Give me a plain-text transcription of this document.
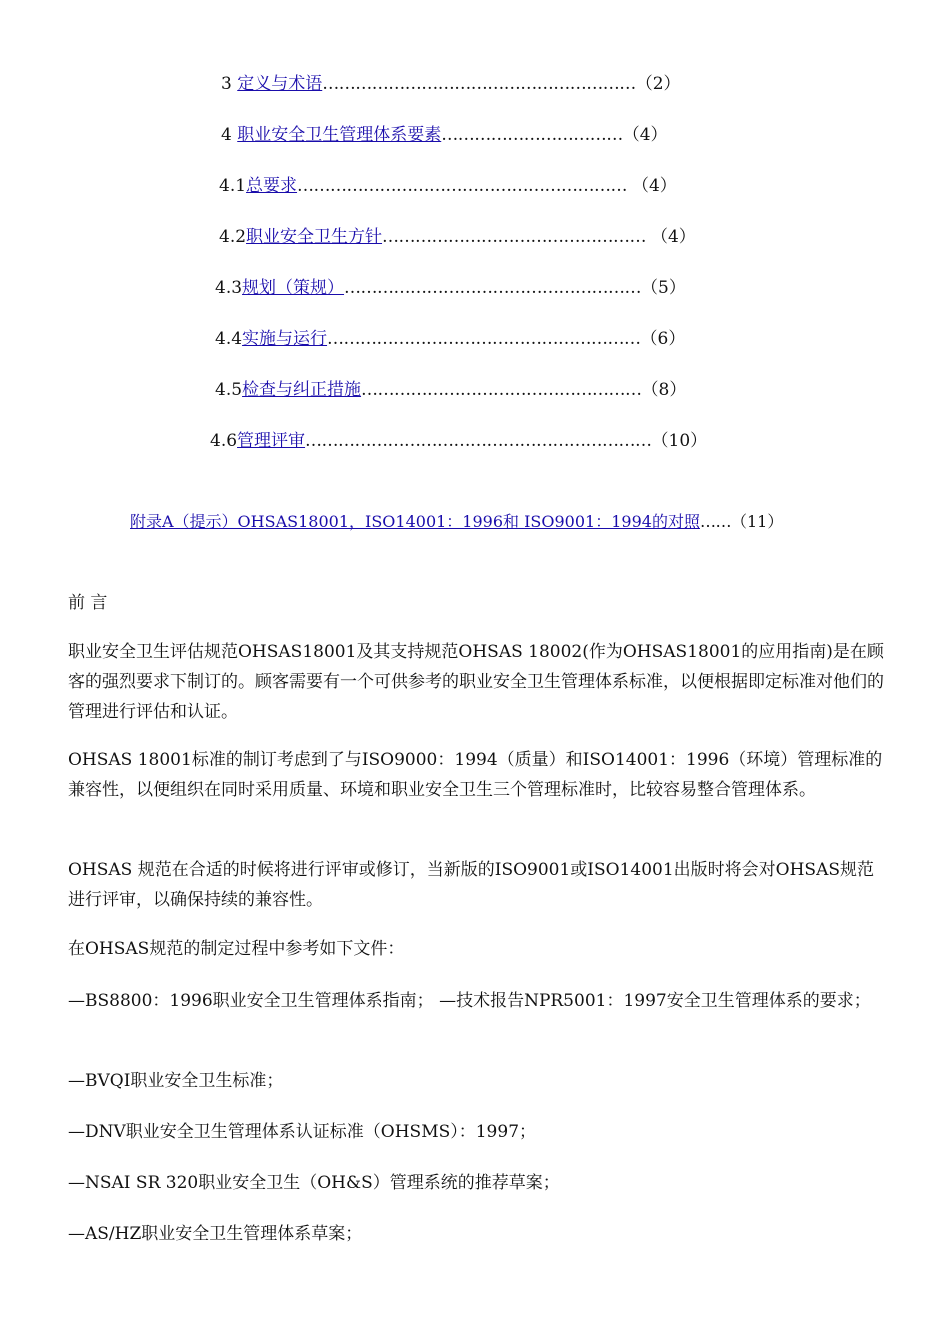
3 定义与术语…………………………………………………（2）
4 职业安全卫生管理体系要素……………………………（4）
4.1总要求…………………………………………………… （4）
4.2职业安全卫生方针………………………………………… （4）
4.3规划（策规）………………………………………………（5）
4.4实施与运行…………………………………………………（6）
4.5检查与纠正措施……………………………………………（8）
4.6管理评审………………………………………………………（10）
附录A（提示）OHSAS18001，ISO14001：1996和 ISO9001：1994的对照……（11）

前 言

职业安全卫生评估规范OHSAS18001及其支持规范OHSAS 18002(作为OHSAS18001的应用指南)是在顾客的强烈要求下制订的。顾客需要有一个可供参考的职业安全卫生管理体系标准，以便根据即定标准对他们的管理进行评估和认证。

OHSAS 18001标准的制订考虑到了与ISO9000：1994（质量）和ISO14001：1996（环境）管理标准的兼容性，以便组织在同时采用质量、环境和职业安全卫生三个管理标准时，比较容易整合管理体系。

OHSAS 规范在合适的时候将进行评审或修订，当新版的ISO9001或ISO14001出版时将会对OHSAS规范进行评审，以确保持续的兼容性。

在OHSAS规范的制定过程中参考如下文件：

—BS8800：1996职业安全卫生管理体系指南； —技术报告NPR5001：1997安全卫生管理体系的要求；

—BVQI职业安全卫生标准；

—DNV职业安全卫生管理体系认证标准（OHSMS）：1997；

—NSAI SR 320职业安全卫生（OH&S）管理系统的推荐草案；

—AS/HZ职业安全卫生管理体系草案；
